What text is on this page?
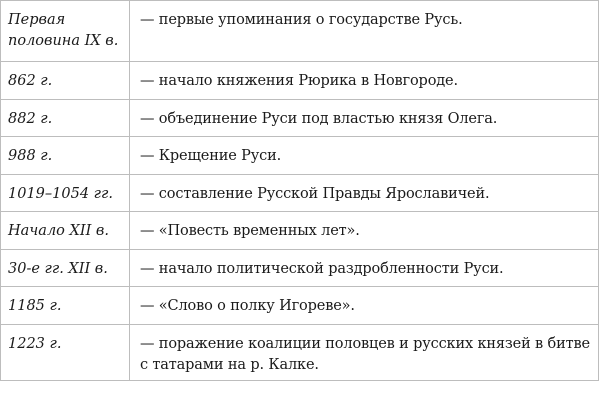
Первая половина IX в.	— первые упоминания о государстве Русь.
862 г.	— начало княжения Рюрика в Новгороде.
882 г.	— объединение Руси под властью князя Олега.
988 г.	— Крещение Руси.
1019–1054 гг.	— составление Русской Правды Ярославичей.
Начало XII в.	— «Повесть временных лет».
30-е гг. XII в.	— начало политической раздробленности Руси.
1185 г.	— «Слово о полку Игореве».
1223 г.	— поражение коалиции половцев и русских князей в битве с татарами на р. Калке.
